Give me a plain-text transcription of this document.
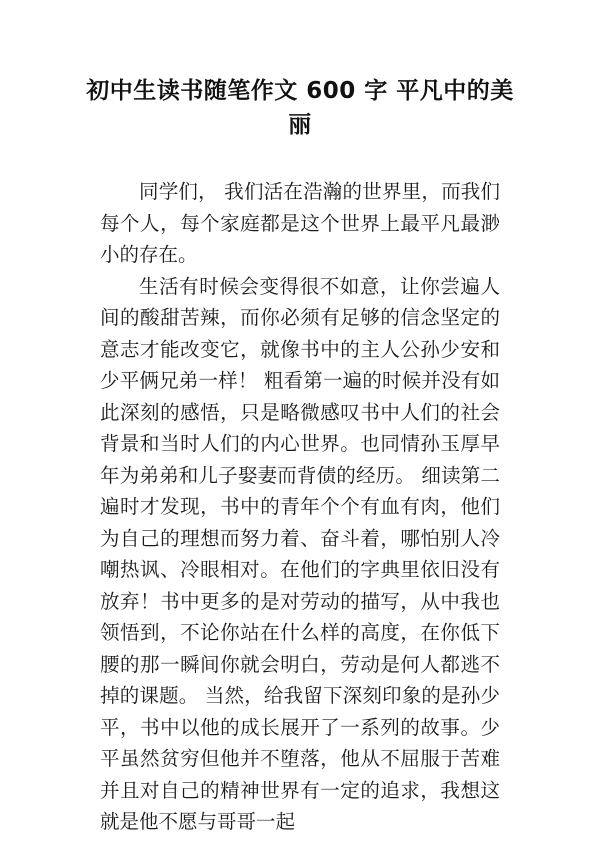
初中生读书随笔作文 600 字 平凡中的美丽

同学们， 我们活在浩瀚的世界里，而我们每个人，每个家庭都是这个世界上最平凡最渺小的存在。

生活有时候会变得很不如意，让你尝遍人间的酸甜苦辣，而你必须有足够的信念坚定的意志才能改变它，就像书中的主人公孙少安和少平俩兄弟一样！ 粗看第一遍的时候并没有如此深刻的感悟，只是略微感叹书中人们的社会背景和当时人们的内心世界。也同情孙玉厚早年为弟弟和儿子娶妻而背债的经历。 细读第二遍时才发现，书中的青年个个有血有肉，他们为自己的理想而努力着、奋斗着，哪怕别人冷嘲热讽、冷眼相对。在他们的字典里依旧没有放弃！书中更多的是对劳动的描写，从中我也领悟到，不论你站在什么样的高度，在你低下腰的那一瞬间你就会明白，劳动是何人都逃不掉的课题。 当然，给我留下深刻印象的是孙少平，书中以他的成长展开了一系列的故事。少平虽然贫穷但他并不堕落，他从不屈服于苦难并且对自己的精神世界有一定的追求，我想这就是他不愿与哥哥一起
